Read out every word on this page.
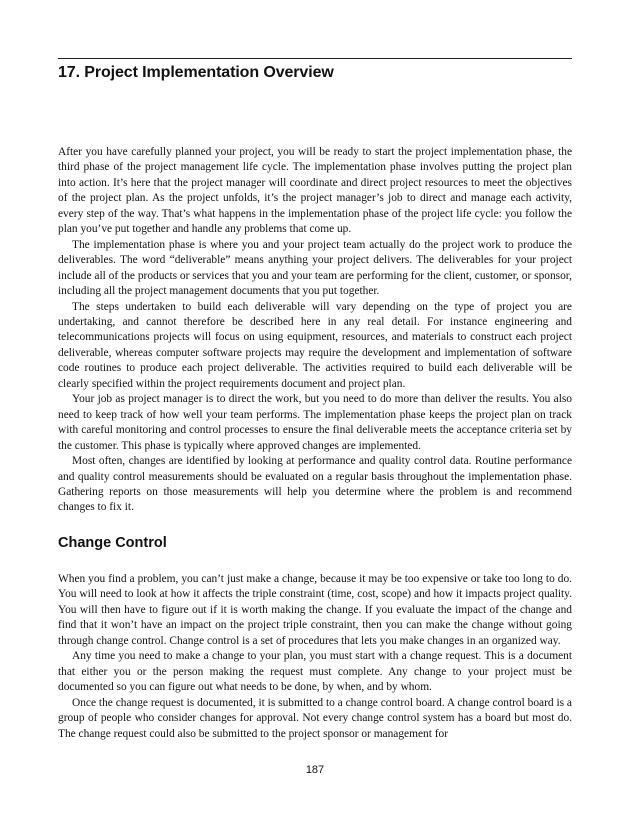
17. Project Implementation Overview

After you have carefully planned your project, you will be ready to start the project implementation phase, the third phase of the project management life cycle. The implementation phase involves putting the project plan into action. It’s here that the project manager will coordinate and direct project resources to meet the objectives of the project plan. As the project unfolds, it’s the project manager’s job to direct and manage each activity, every step of the way. That’s what happens in the implementation phase of the project life cycle: you follow the plan you’ve put together and handle any problems that come up.

The implementation phase is where you and your project team actually do the project work to produce the deliverables. The word “deliverable” means anything your project delivers. The deliverables for your project include all of the products or services that you and your team are performing for the client, customer, or sponsor, including all the project management documents that you put together.

The steps undertaken to build each deliverable will vary depending on the type of project you are undertaking, and cannot therefore be described here in any real detail. For instance engineering and telecommunications projects will focus on using equipment, resources, and materials to construct each project deliverable, whereas computer software projects may require the development and implementation of software code routines to produce each project deliverable. The activities required to build each deliverable will be clearly specified within the project requirements document and project plan.

Your job as project manager is to direct the work, but you need to do more than deliver the results. You also need to keep track of how well your team performs. The implementation phase keeps the project plan on track with careful monitoring and control processes to ensure the final deliverable meets the acceptance criteria set by the customer. This phase is typically where approved changes are implemented.

Most often, changes are identified by looking at performance and quality control data. Routine performance and quality control measurements should be evaluated on a regular basis throughout the implementation phase. Gathering reports on those measurements will help you determine where the problem is and recommend changes to fix it.

Change Control

When you find a problem, you can’t just make a change, because it may be too expensive or take too long to do. You will need to look at how it affects the triple constraint (time, cost, scope) and how it impacts project quality. You will then have to figure out if it is worth making the change. If you evaluate the impact of the change and find that it won’t have an impact on the project triple constraint, then you can make the change without going through change control. Change control is a set of procedures that lets you make changes in an organized way.

Any time you need to make a change to your plan, you must start with a change request. This is a document that either you or the person making the request must complete. Any change to your project must be documented so you can figure out what needs to be done, by when, and by whom.

Once the change request is documented, it is submitted to a change control board. A change control board is a group of people who consider changes for approval. Not every change control system has a board but most do. The change request could also be submitted to the project sponsor or management for

187
